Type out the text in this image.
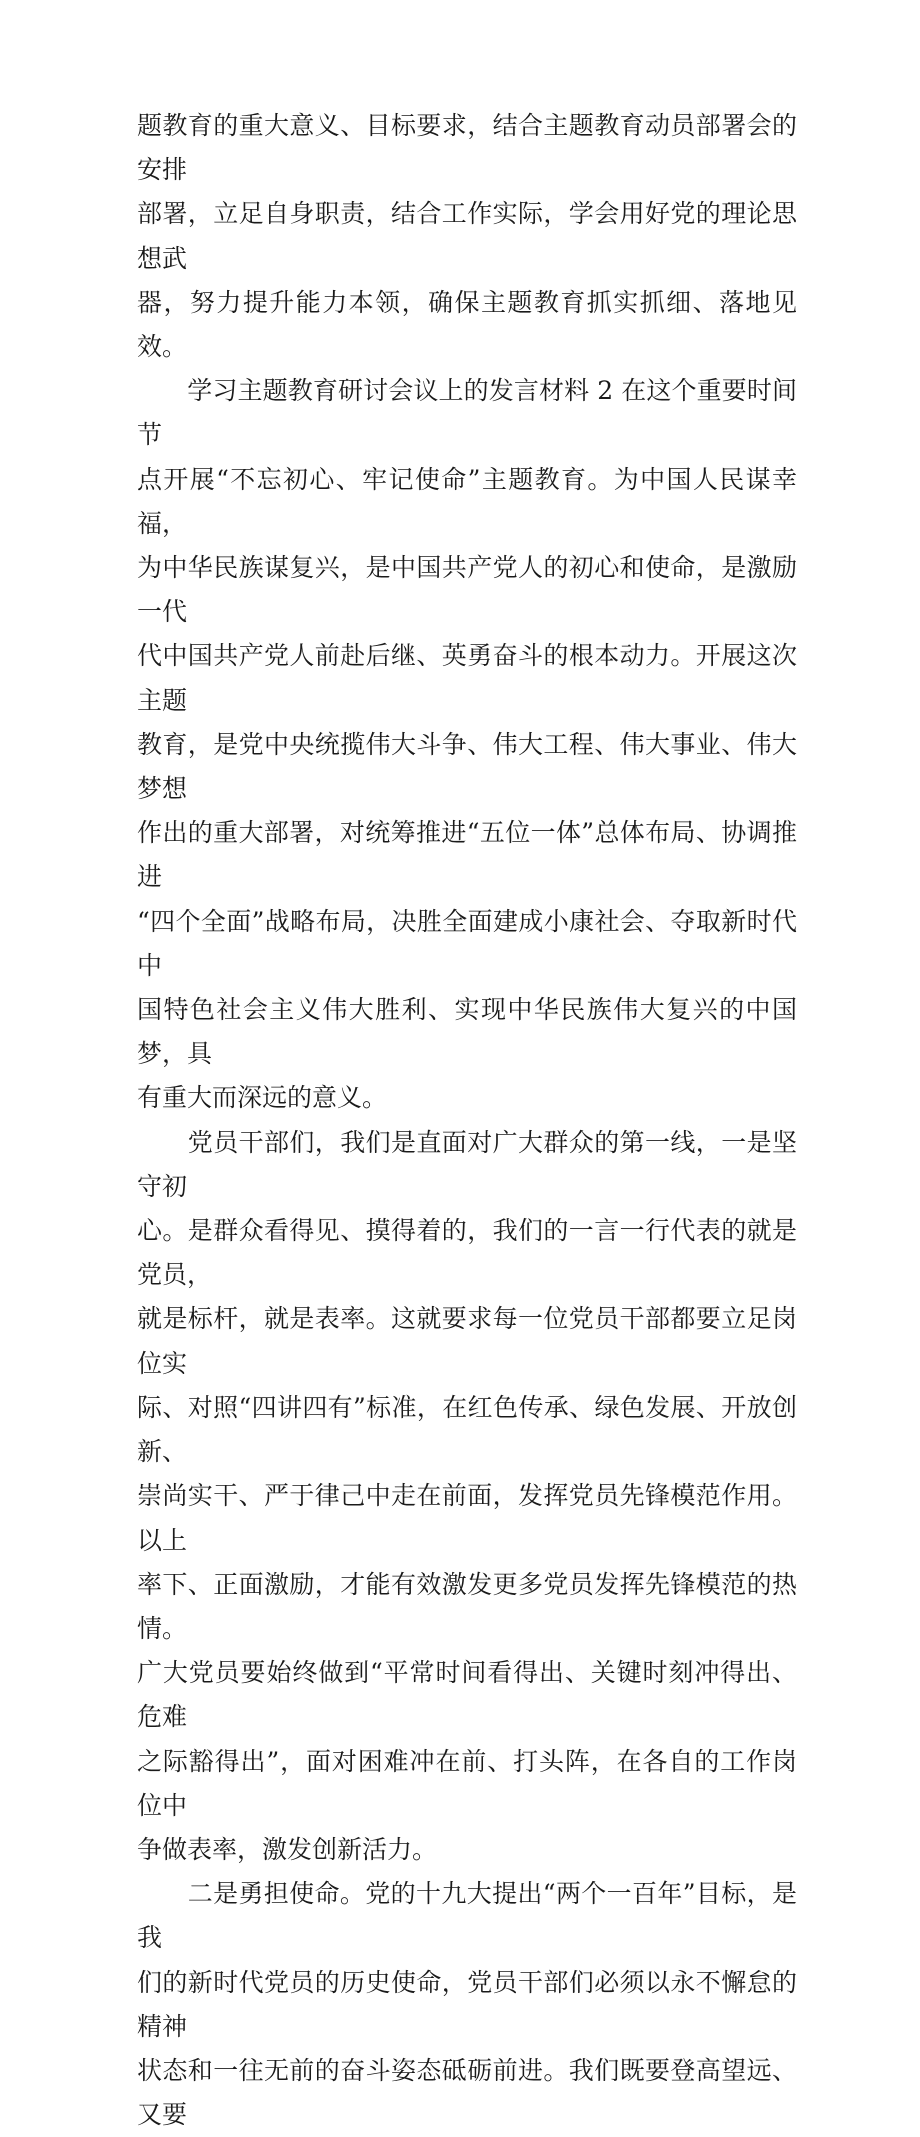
题教育的重大意义、目标要求，结合主题教育动员部署会的安排
部署，立足自身职责，结合工作实际，学会用好党的理论思想武
器，努力提升能力本领，确保主题教育抓实抓细、落地见效。

　　学习主题教育研讨会议上的发言材料 2 在这个重要时间节
点开展“不忘初心、牢记使命”主题教育。为中国人民谋幸福，
为中华民族谋复兴，是中国共产党人的初心和使命，是激励一代
代中国共产党人前赴后继、英勇奋斗的根本动力。开展这次主题
教育，是党中央统揽伟大斗争、伟大工程、伟大事业、伟大梦想
作出的重大部署，对统筹推进“五位一体”总体布局、协调推进
“四个全面”战略布局，决胜全面建成小康社会、夺取新时代中
国特色社会主义伟大胜利、实现中华民族伟大复兴的中国梦，具
有重大而深远的意义。

　　党员干部们，我们是直面对广大群众的第一线，一是坚守初
心。是群众看得见、摸得着的，我们的一言一行代表的就是党员，
就是标杆，就是表率。这就要求每一位党员干部都要立足岗位实
际、对照“四讲四有”标准，在红色传承、绿色发展、开放创新、
崇尚实干、严于律己中走在前面，发挥党员先锋模范作用。以上
率下、正面激励，才能有效激发更多党员发挥先锋模范的热情。
广大党员要始终做到“平常时间看得出、关键时刻冲得出、危难
之际豁得出”，面对困难冲在前、打头阵，在各自的工作岗位中
争做表率，激发创新活力。

　　二是勇担使命。党的十九大提出“两个一百年”目标，是我
们的新时代党员的历史使命，党员干部们必须以永不懈怠的精神
状态和一往无前的奋斗姿态砥砺前进。我们既要登高望远、又要
